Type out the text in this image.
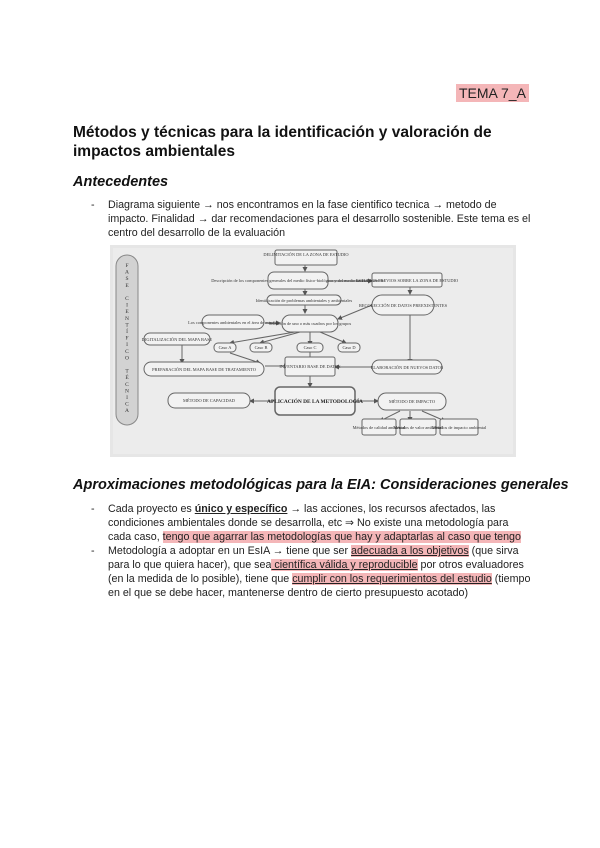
TEMA 7_A
Métodos y técnicas para la identificación y valoración de impactos ambientales
Antecedentes
- Diagrama siguiente → nos encontramos en la fase cientifico tecnica → metodo de impacto. Finalidad → dar recomendaciones para el desarrollo sostenible. Este tema es el centro del desarrollo de la evaluación
F
A
S
E
C
I
E
N
T
Í
F
I
C
O
T
É
C
N
I
C
A
DELIMITACIÓN DE LA ZONA DE ESTUDIO
Descripción de los componentes generales del medio físico-biológico y del medio socioeconómico
ESTUDIOS PREVIOS SOBRE LA ZONA DE ESTUDIO
Identificación de problemas ambientales y ambientales
RECOLECCIÓN DE DATOS PREEXISTENTES
Los componentes ambientales en el área de estudio
Selección de uno o más cuadros por los grupos
DIGITALIZACIÓN DEL MAPA BASE
Caso A	Caso B	Caso C	Caso D
PREPARACIÓN DEL MAPA BASE DE TRATAMIENTO
INVENTARIO BASE DE DATOS	ELABORACIÓN DE NUEVOS DATOS
MÉTODO DE CAPACIDAD	APLICACIÓN DE LA METODOLOGÍA	MÉTODO DE IMPACTO
Métodos de calidad ambiental
Métodos de valor ambiental
Métodos de impacto ambiental
Aproximaciones metodológicas para la EIA: Consideraciones generales
- Cada proyecto es único y específico → las acciones, los recursos afectados, las condiciones ambientales donde se desarrolla, etc ⇒ No existe una metodología para cada caso, tengo que agarrar las metodologías que hay y adaptarlas al caso que tengo
- Metodología a adoptar en un EsIA → tiene que ser adecuada a los objetivos (que sirva para lo que quiera hacer), que sea científica válida y reproducible por otros evaluadores (en la medida de lo posible), tiene que cumplir con los requerimientos del estudio (tiempo en el que se debe hacer, mantenerse dentro de cierto presupuesto acotado)
